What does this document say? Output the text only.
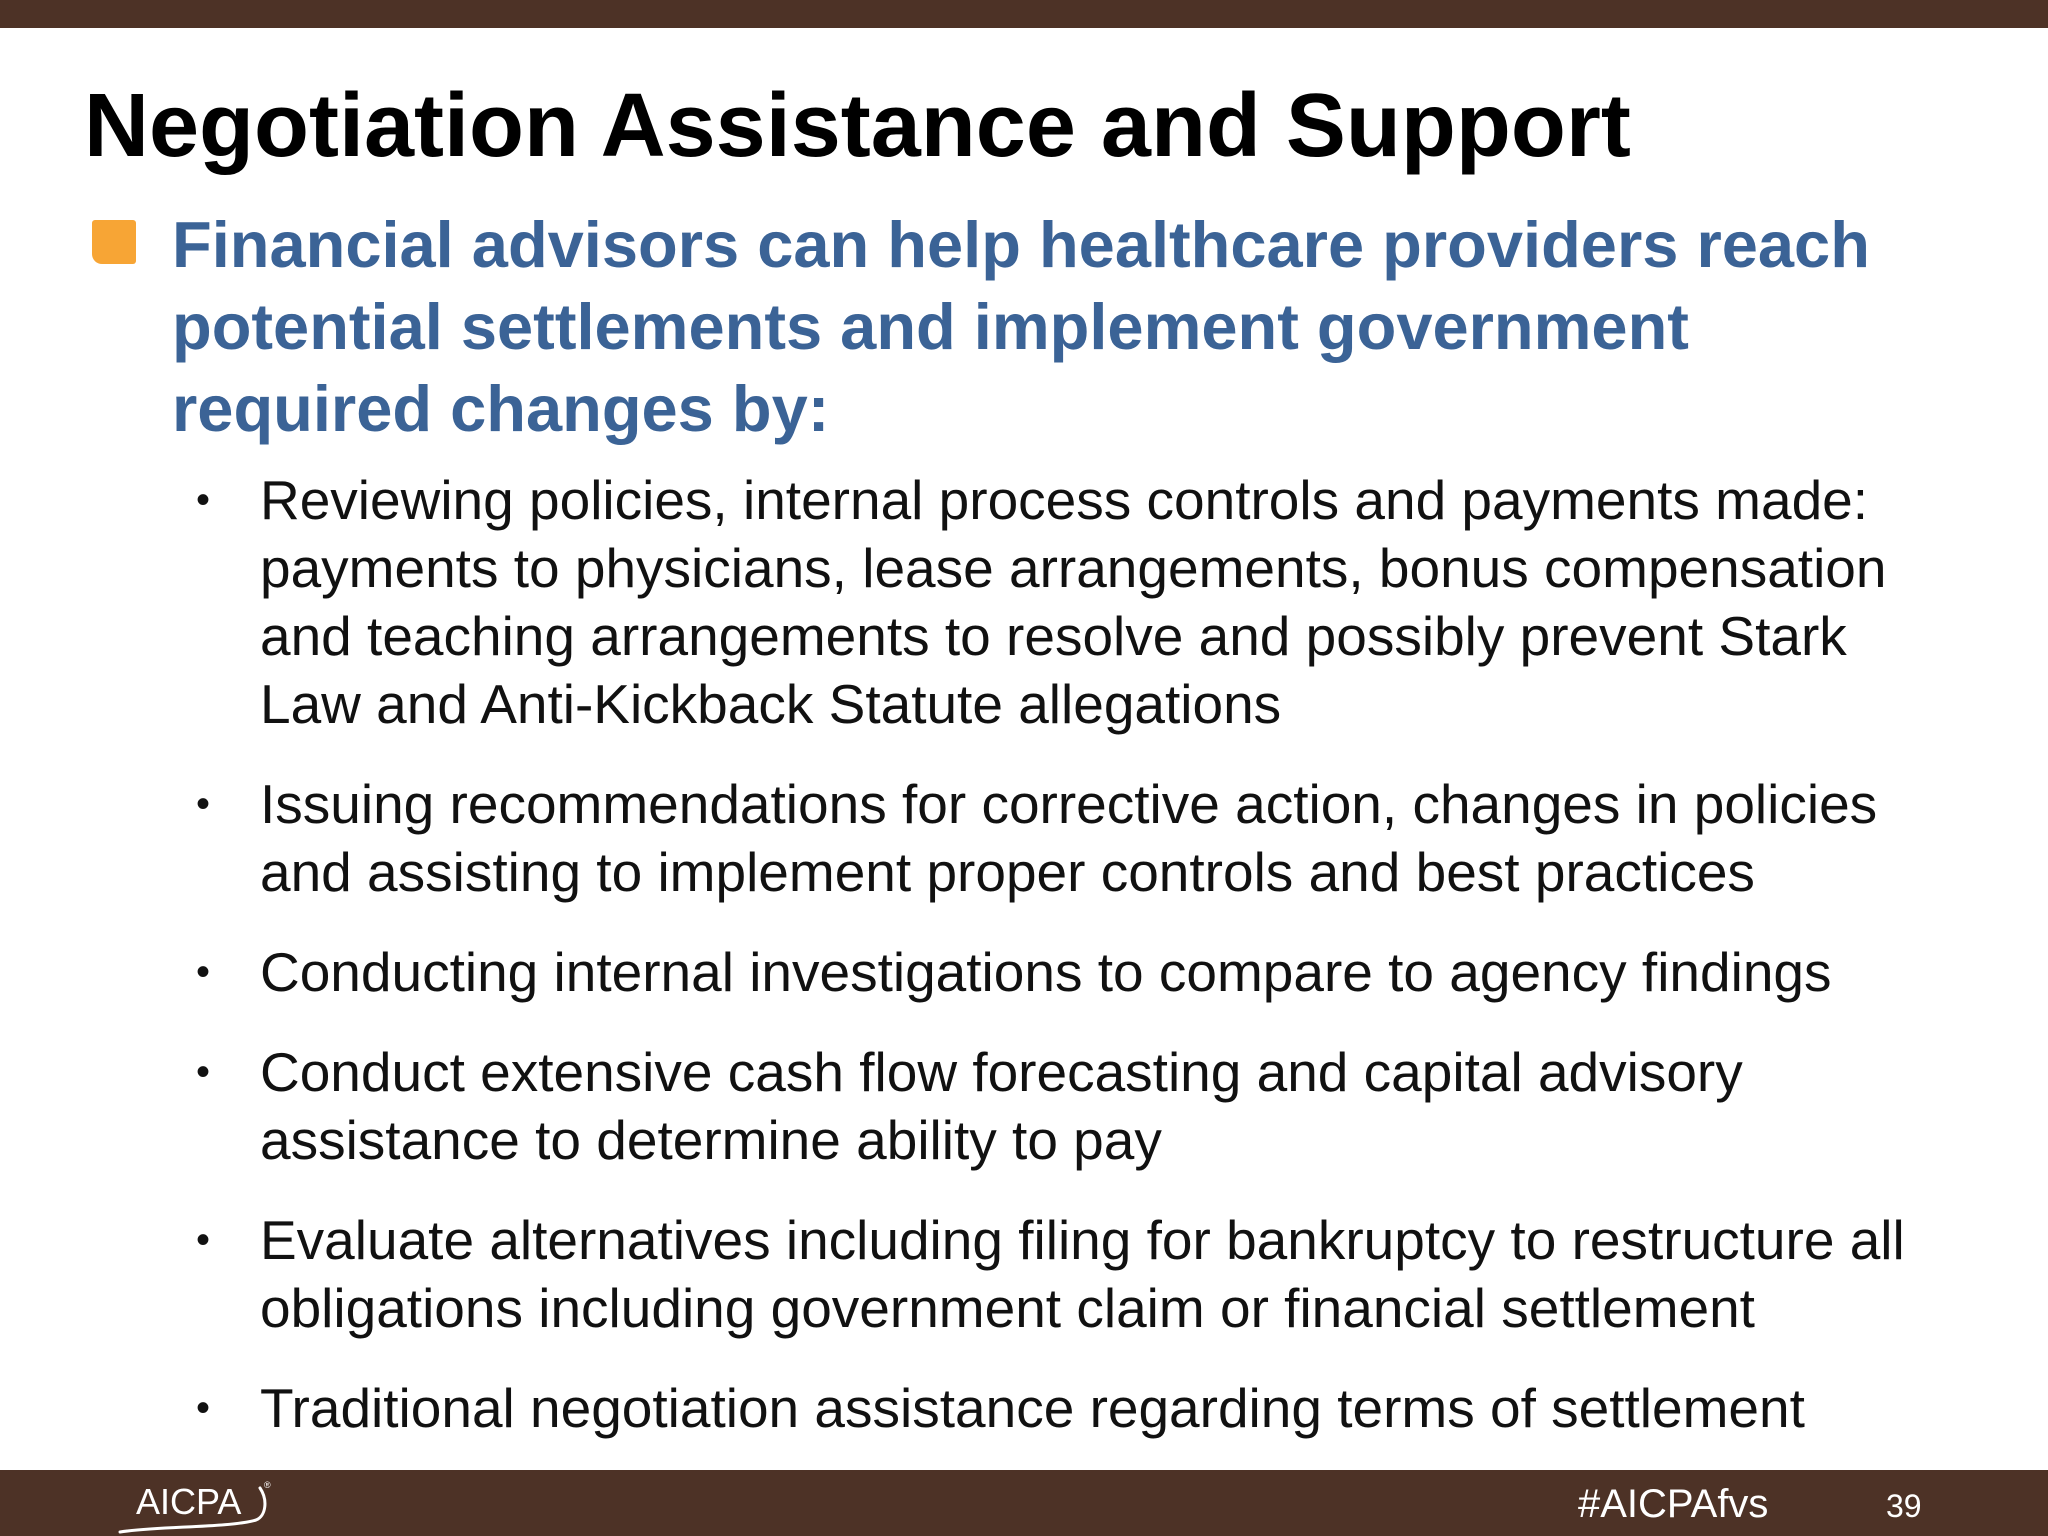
Negotiation Assistance and Support

Financial advisors can help healthcare providers reach
potential settlements and implement government
required changes by:

• Reviewing policies, internal process controls and payments made:
payments to physicians, lease arrangements, bonus compensation
and teaching arrangements to resolve and possibly prevent Stark
Law and Anti-Kickback Statute allegations
• Issuing recommendations for corrective action, changes in policies
and assisting to implement proper controls and best practices
• Conducting internal investigations to compare to agency findings
• Conduct extensive cash flow forecasting and capital advisory
assistance to determine ability to pay
• Evaluate alternatives including filing for bankruptcy to restructure all
obligations including government claim or financial settlement
• Traditional negotiation assistance regarding terms of settlement
®
AICPA	#AICPAfvs	39
